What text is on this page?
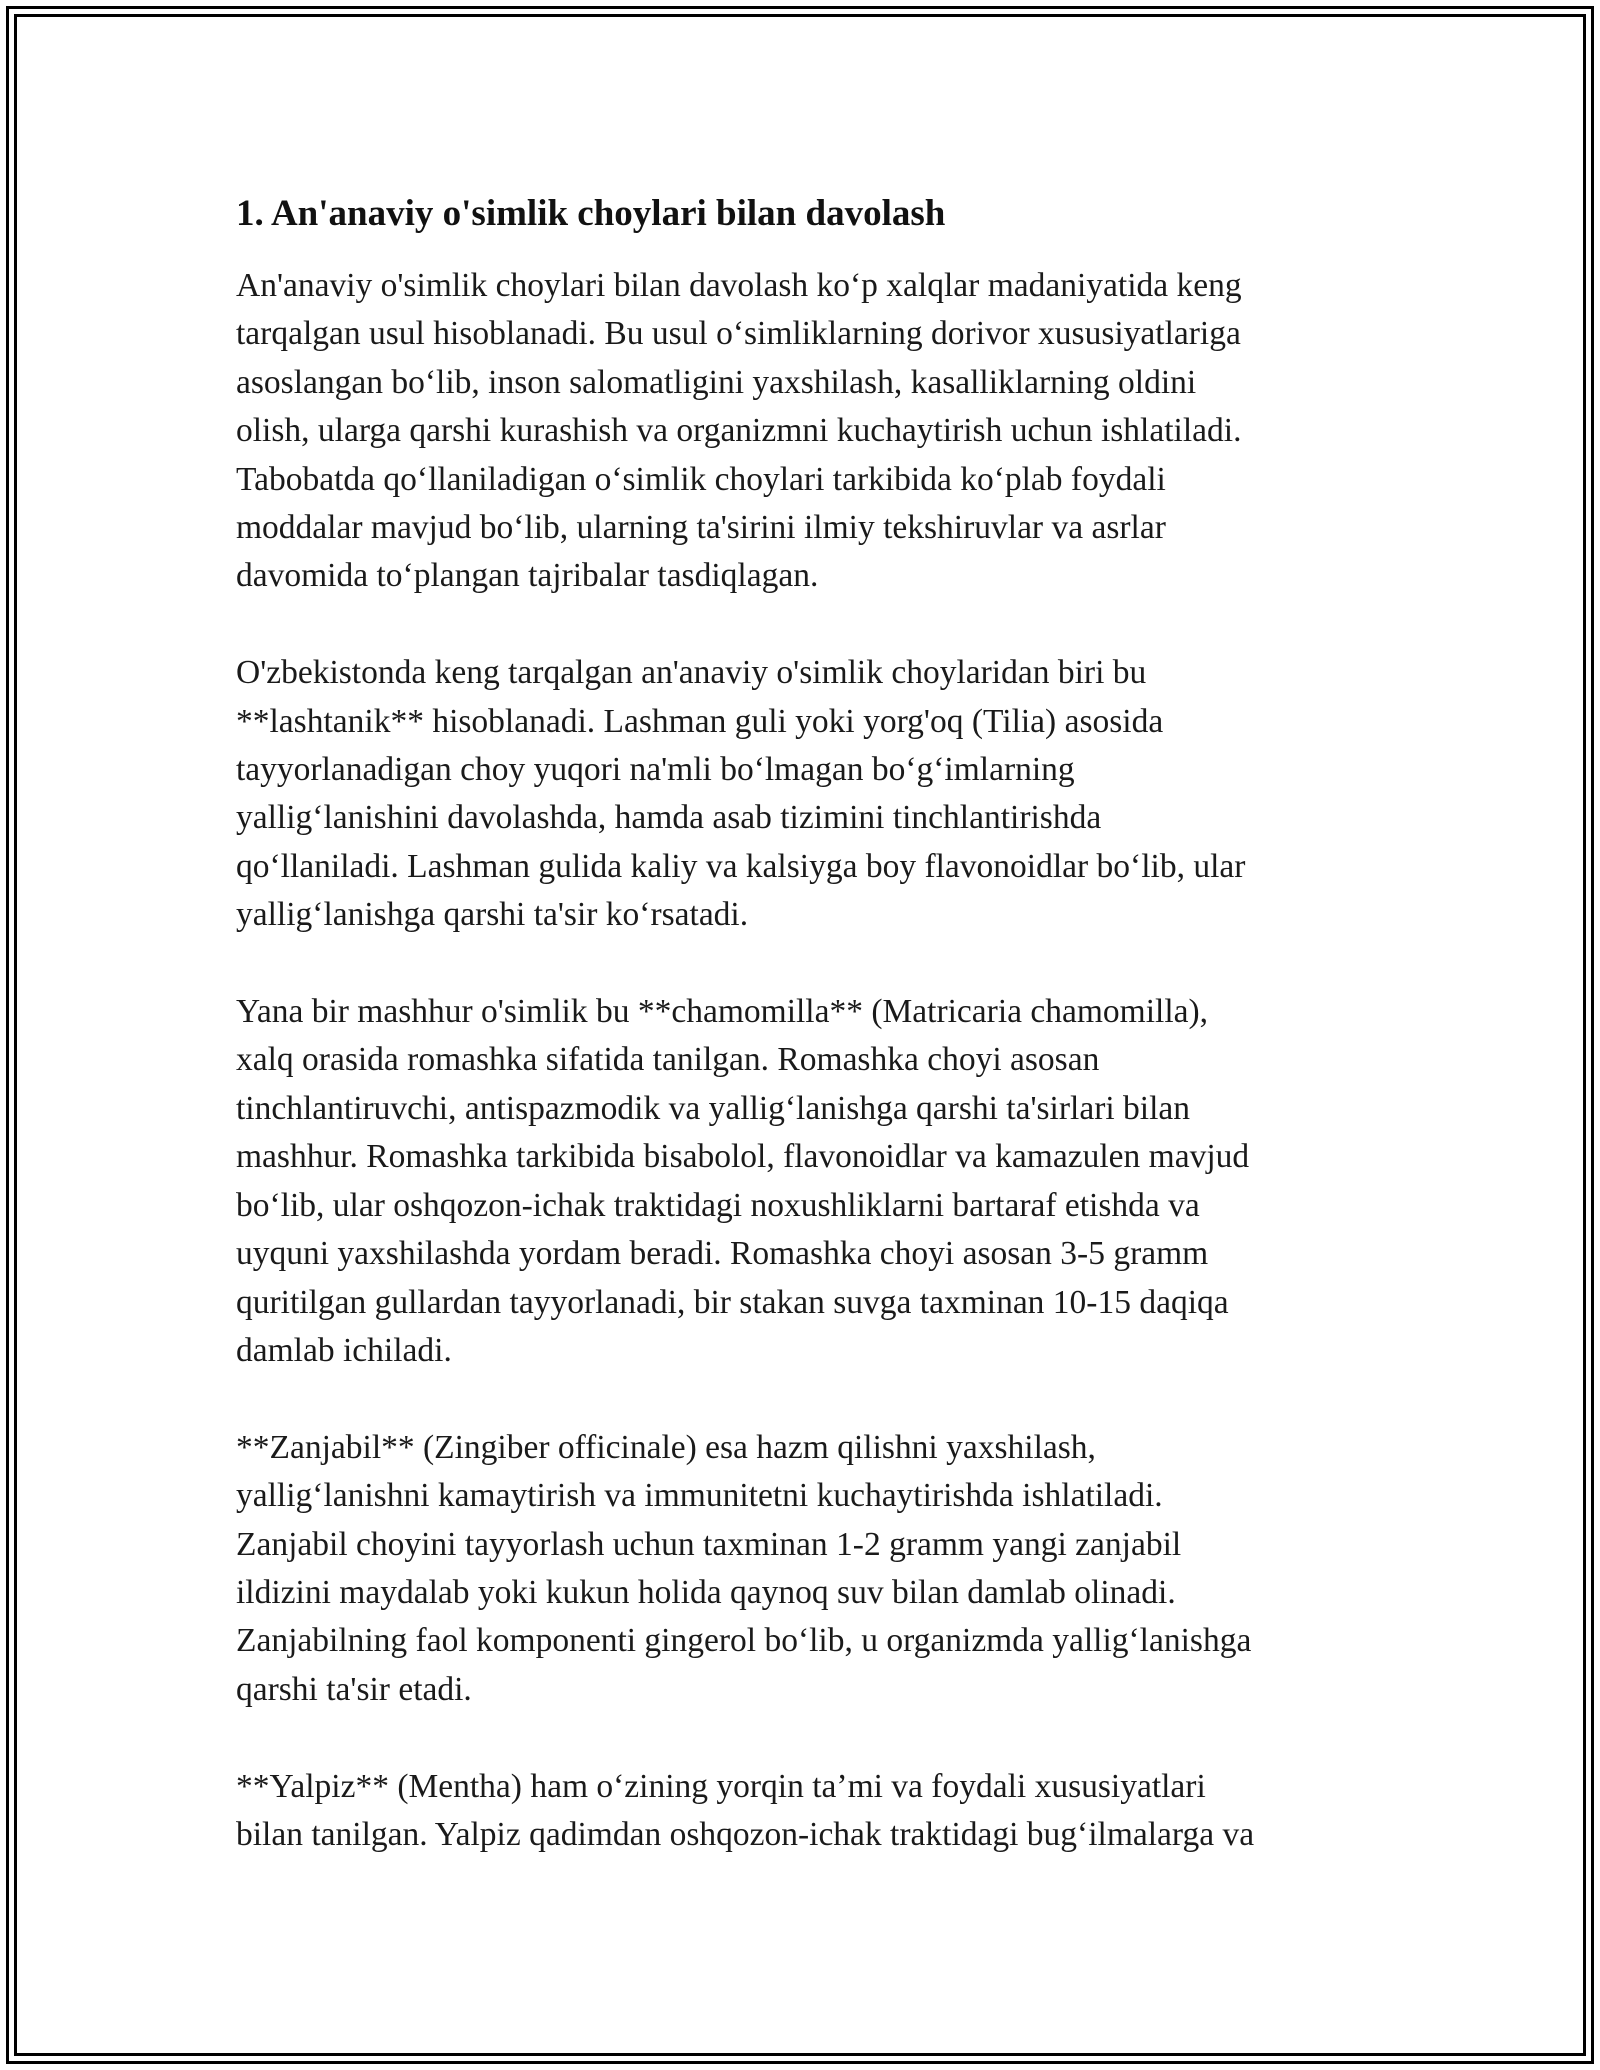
1. An'anaviy o'simlik choylari bilan davolash

An'anaviy o'simlik choylari bilan davolash ko‘p xalqlar madaniyatida keng
tarqalgan usul hisoblanadi. Bu usul o‘simliklarning dorivor xususiyatlariga
asoslangan bo‘lib, inson salomatligini yaxshilash, kasalliklarning oldini
olish, ularga qarshi kurashish va organizmni kuchaytirish uchun ishlatiladi.
Tabobatda qo‘llaniladigan o‘simlik choylari tarkibida ko‘plab foydali
moddalar mavjud bo‘lib, ularning ta'sirini ilmiy tekshiruvlar va asrlar
davomida to‘plangan tajribalar tasdiqlagan.

O'zbekistonda keng tarqalgan an'anaviy o'simlik choylaridan biri bu
**lashtanik** hisoblanadi. Lashman guli yoki yorg'oq (Tilia) asosida
tayyorlanadigan choy yuqori na'mli bo‘lmagan bo‘g‘imlarning
yallig‘lanishini davolashda, hamda asab tizimini tinchlantirishda
qo‘llaniladi. Lashman gulida kaliy va kalsiyga boy flavonoidlar bo‘lib, ular
yallig‘lanishga qarshi ta'sir ko‘rsatadi.

Yana bir mashhur o'simlik bu **chamomilla** (Matricaria chamomilla),
xalq orasida romashka sifatida tanilgan. Romashka choyi asosan
tinchlantiruvchi, antispazmodik va yallig‘lanishga qarshi ta'sirlari bilan
mashhur. Romashka tarkibida bisabolol, flavonoidlar va kamazulen mavjud
bo‘lib, ular oshqozon-ichak traktidagi noxushliklarni bartaraf etishda va
uyquni yaxshilashda yordam beradi. Romashka choyi asosan 3-5 gramm
quritilgan gullardan tayyorlanadi, bir stakan suvga taxminan 10-15 daqiqa
damlab ichiladi.

**Zanjabil** (Zingiber officinale) esa hazm qilishni yaxshilash,
yallig‘lanishni kamaytirish va immunitetni kuchaytirishda ishlatiladi.
Zanjabil choyini tayyorlash uchun taxminan 1-2 gramm yangi zanjabil
ildizini maydalab yoki kukun holida qaynoq suv bilan damlab olinadi.
Zanjabilning faol komponenti gingerol bo‘lib, u organizmda yallig‘lanishga
qarshi ta'sir etadi.

**Yalpiz** (Mentha) ham o‘zining yorqin ta’mi va foydali xususiyatlari
bilan tanilgan. Yalpiz qadimdan oshqozon-ichak traktidagi bug‘ilmalarga va
